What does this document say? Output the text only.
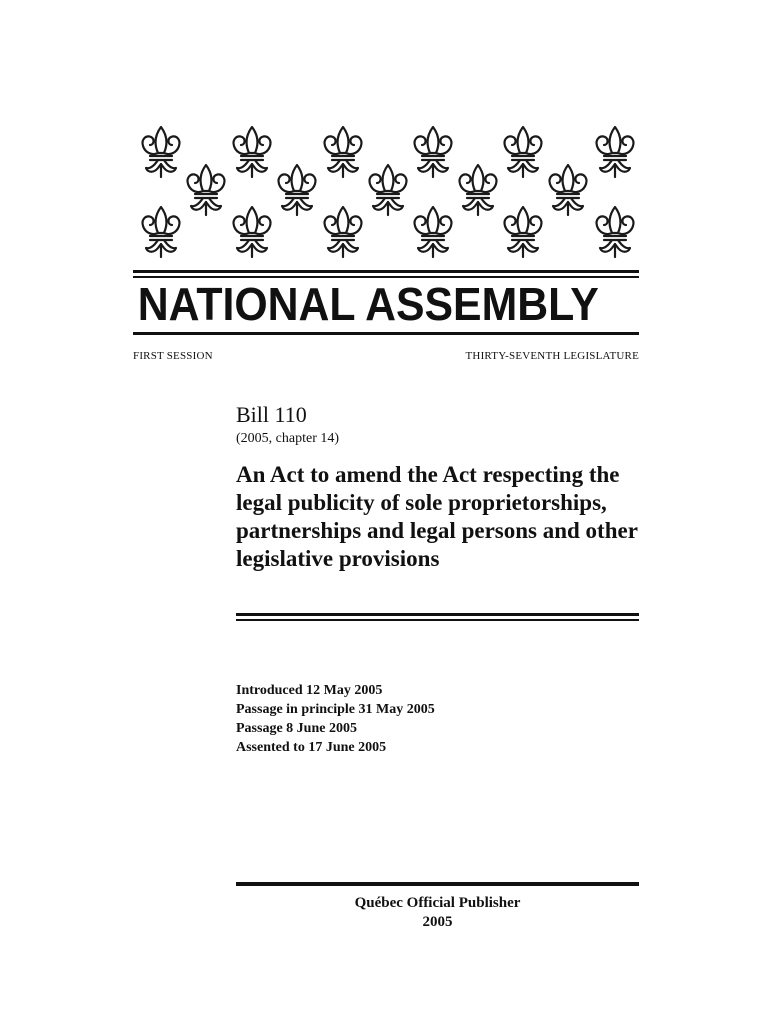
NATIONAL ASSEMBLY
FIRST SESSION	THIRTY-SEVENTH LEGISLATURE
Bill 110
(2005, chapter 14)
An Act to amend the Act respecting the legal publicity of sole proprietorships, partnerships and legal persons and other legislative provisions
Introduced 12 May 2005
Passage in principle 31 May 2005
Passage 8 June 2005
Assented to 17 June 2005
Québec Official Publisher
2005
